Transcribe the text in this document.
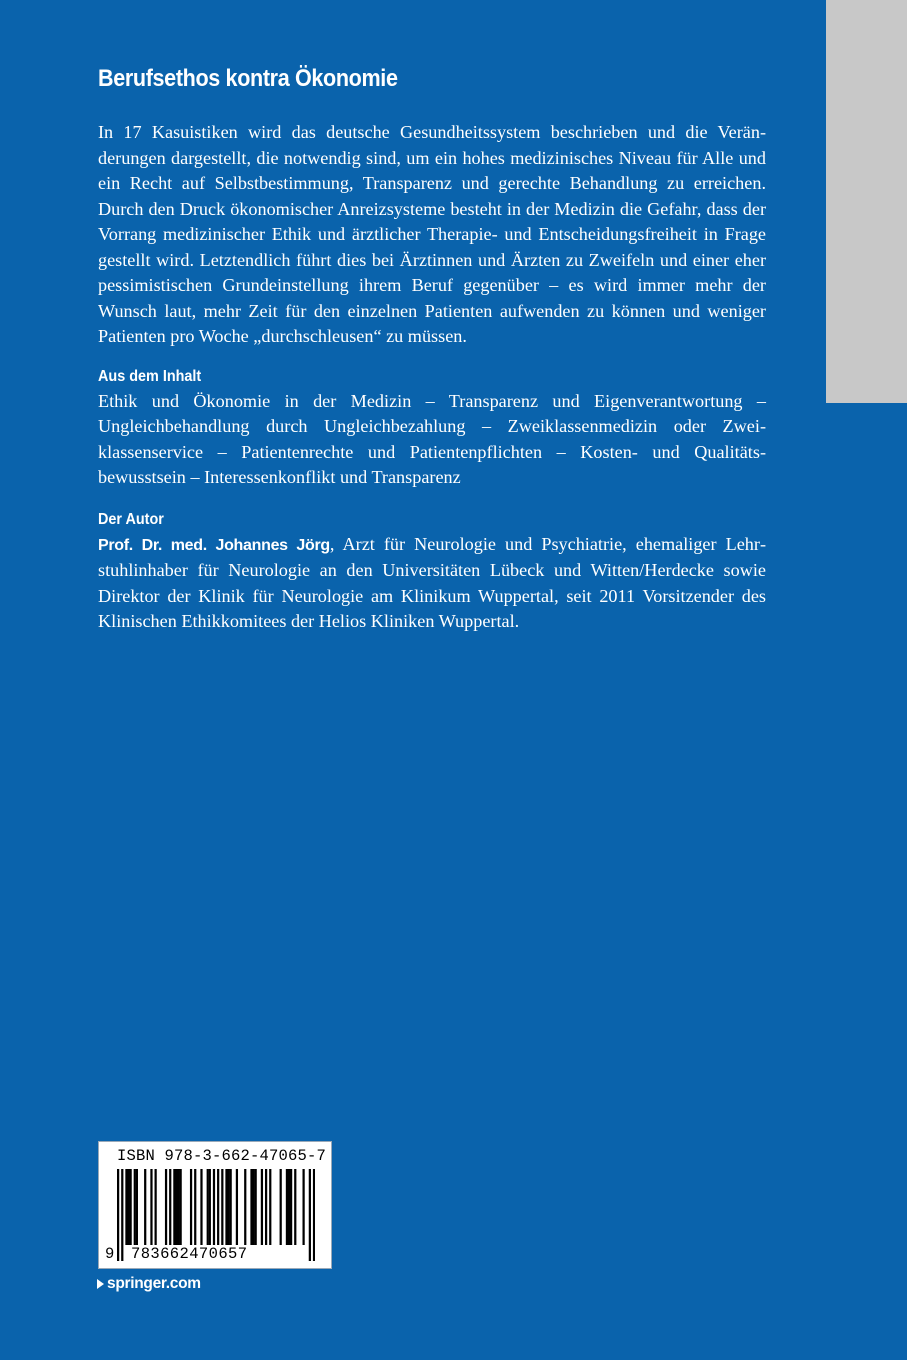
Berufsethos kontra Ökonomie

In 17 Kasuistiken wird das deutsche Gesundheitssystem beschrieben und die Veränderungen dargestellt, die notwendig sind, um ein hohes medizinisches Niveau für Alle und ein Recht auf Selbstbestimmung, Transparenz und gerechte Behandlung zu erreichen. Durch den Druck ökonomischer Anreizsysteme besteht in der Medizin die Gefahr, dass der Vorrang medizinischer Ethik und ärztlicher Therapie- und Entscheidungsfreiheit in Frage gestellt wird. Letztendlich führt dies bei Ärztinnen und Ärzten zu Zweifeln und einer eher pessimistischen Grundeinstellung ihrem Beruf gegenüber – es wird immer mehr der Wunsch laut, mehr Zeit für den einzelnen Patienten aufwenden zu können und weniger Patienten pro Woche „durchschleusen“ zu müssen.

Aus dem Inhalt

Ethik und Ökonomie in der Medizin – Transparenz und Eigenverantwortung – Ungleichbehandlung durch Ungleichbezahlung – Zweiklassenmedizin oder Zweiklassenservice – Patientenrechte und Patientenpflichten – Kosten- und Qualitätsbewusstsein – Interessenkonflikt und Transparenz

Der Autor

Prof. Dr. med. Johannes Jörg, Arzt für Neurologie und Psychiatrie, ehemaliger Lehrstuhlinhaber für Neurologie an den Universitäten Lübeck und Witten/Herdecke sowie Direktor der Klinik für Neurologie am Klinikum Wuppertal, seit 2011 Vorsitzender des Klinischen Ethikkomitees der Helios Kliniken Wuppertal.

ISBN 978-3-662-47065-7
9 783662470657
springer.com
